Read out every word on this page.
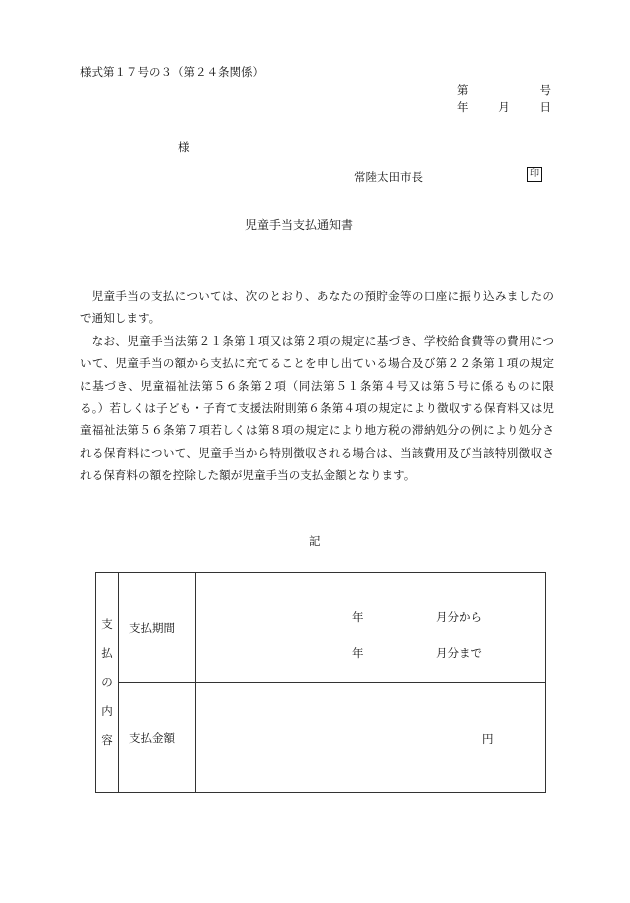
様式第１７号の３（第２４条関係）
第	号
年	月	日
様
常陸太田市長	印
児童手当支払通知書

児童手当の支払については、次のとおり、あなたの預貯金等の口座に振り込みましたので通知します。

なお、児童手当法第２１条第１項又は第２項の規定に基づき、学校給食費等の費用について、児童手当の額から支払に充てることを申し出ている場合及び第２２条第１項の規定に基づき、児童福祉法第５６条第２項（同法第５１条第４号又は第５号に係るものに限る。）若しくは子ども・子育て支援法附則第６条第４項の規定により徴収する保育料又は児童福祉法第５６条第７項若しくは第８項の規定により地方税の滞納処分の例により処分される保育料について、児童手当から特別徴収される場合は、当該費用及び当該特別徴収される保育料の額を控除した額が児童手当の支払金額となります。

記
支
払
の
内
容	支払期間	年 月分から
年 月分まで

	支払金額	円
